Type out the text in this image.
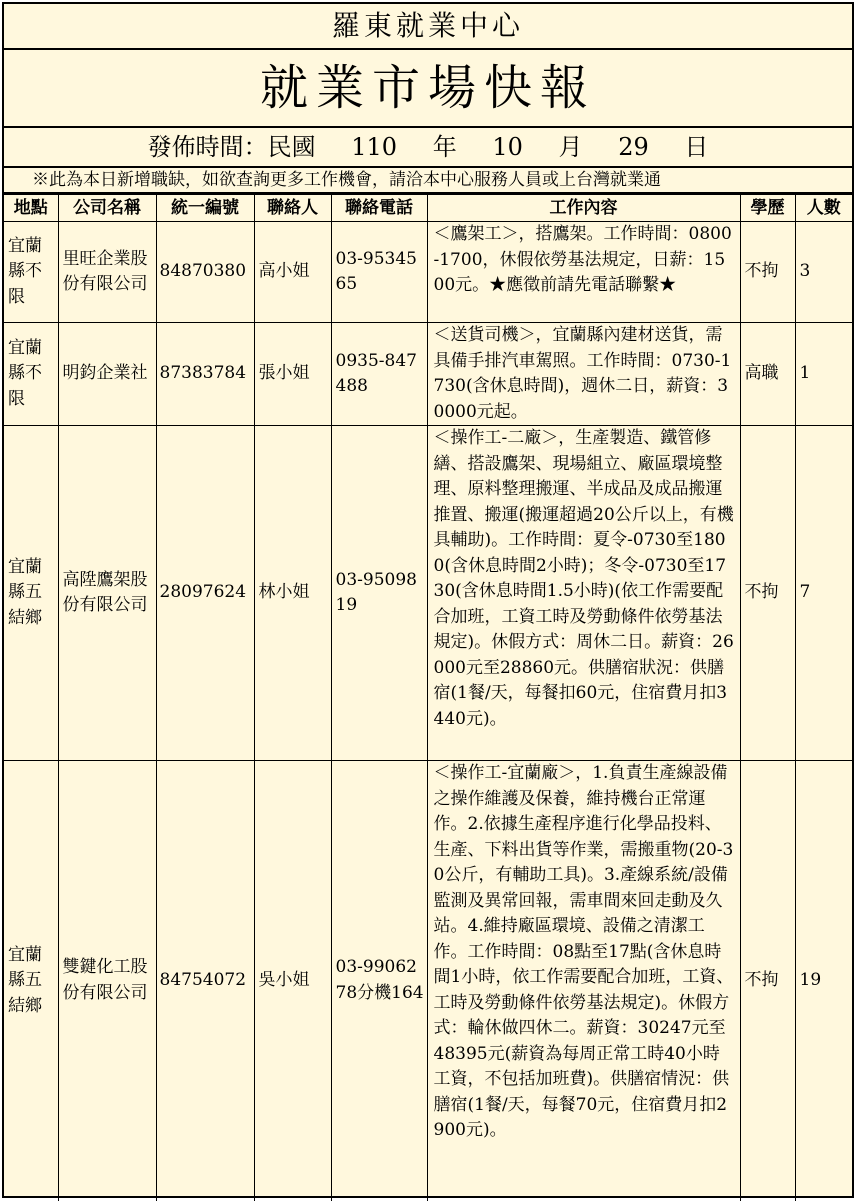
羅東就業中心
就業市場快報
發佈時間：民國 110 年 10 月 29 日
※此為本日新增職缺，如欲查詢更多工作機會，請洽本中心服務人員或上台灣就業通
地點	公司名稱	統一編號	聯絡人	聯絡電話	工作內容	學歷	人數
宜蘭縣不限	里旺企業股份有限公司	84870380	高小姐	03-9534565	＜鷹架工＞，搭鷹架。工作時間：0800-1700，休假依勞基法規定，日薪：1500元。★應徵前請先電話聯繫★	不拘	3
宜蘭縣不限	明鈞企業社	87383784	張小姐	0935-847488	＜送貨司機＞，宜蘭縣內建材送貨，需具備手排汽車駕照。工作時間：0730-1730(含休息時間)，週休二日，薪資：30000元起。	高職	1
宜蘭縣五結鄉	高陞鷹架股份有限公司	28097624	林小姐	03-9509819	＜操作工-二廠＞，生產製造、鐵管修繕、搭設鷹架、現場組立、廠區環境整理、原料整理搬運、半成品及成品搬運推置、搬運(搬運超過20公斤以上，有機具輔助)。工作時間：夏令-0730至1800(含休息時間2小時)；冬令-0730至1730(含休息時間1.5小時)(依工作需要配合加班，工資工時及勞動條件依勞基法規定)。休假方式：周休二日。薪資：26000元至28860元。供膳宿狀況：供膳宿(1餐/天，每餐扣60元，住宿費月扣3440元)。	不拘	7
宜蘭縣五結鄉	雙鍵化工股份有限公司	84754072	吳小姐	03-9906278分機164	＜操作工-宜蘭廠＞，1.負責生產線設備之操作維護及保養，維持機台正常運作。2.依據生產程序進行化學品投料、生產、下料出貨等作業，需搬重物(20-30公斤，有輔助工具)。3.產線系統/設備監測及異常回報，需車間來回走動及久站。4.維持廠區環境、設備之清潔工作。工作時間：08點至17點(含休息時間1小時，依工作需要配合加班，工資、工時及勞動條件依勞基法規定)。休假方式：輪休做四休二。薪資：30247元至48395元(薪資為每周正常工時40小時工資，不包括加班費)。供膳宿情況：供膳宿(1餐/天，每餐70元，住宿費月扣2900元)。	不拘	19
